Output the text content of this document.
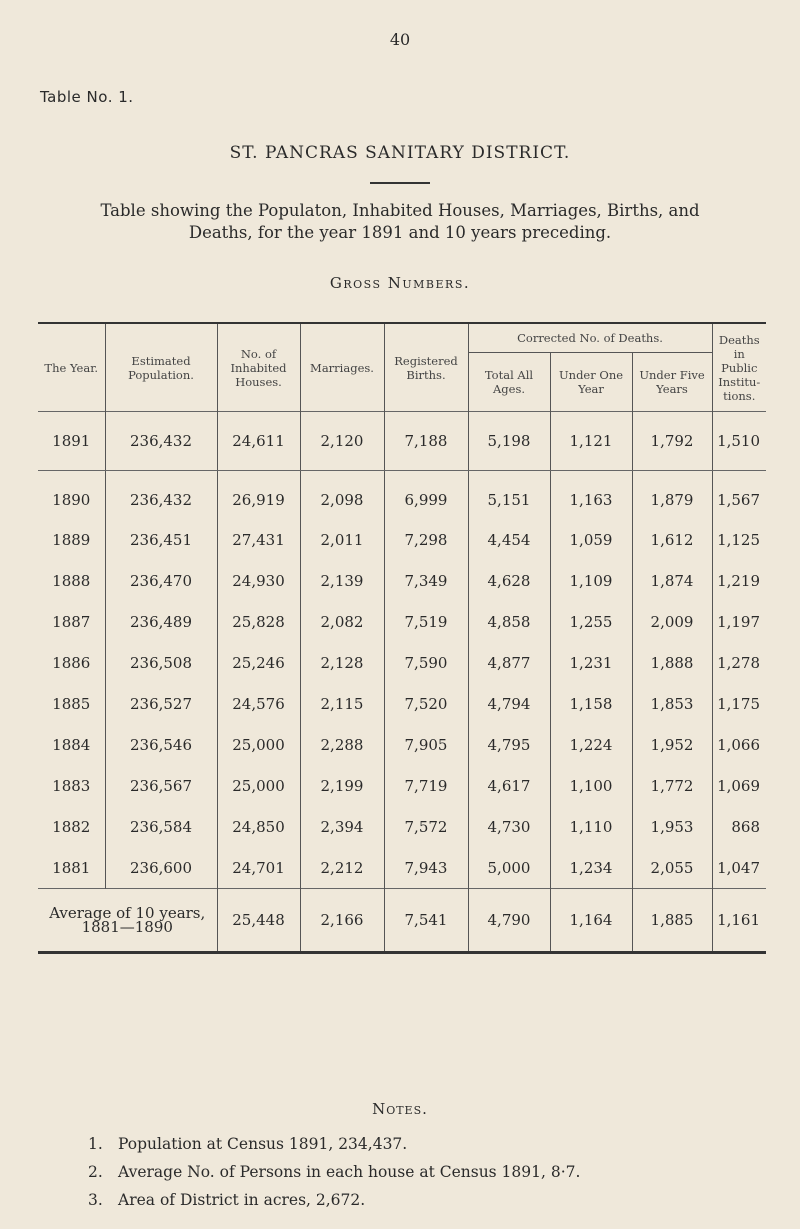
40
Table No. 1.
ST. PANCRAS SANITARY DISTRICT.
Table showing the Populaton, Inhabited Houses, Marriages, Births, and Deaths, for the year 1891 and 10 years preceding.
Gross Numbers.
The Year.	Estimated Population.	No. of Inhabited Houses.	Marriages.	Registered Births.	Corrected No. of Deaths.			Deaths in Public Institu- tions.
					Total All Ages.	Under One Year	Under Five Years	
1891	236,432	24,611	2,120	7,188	5,198	1,121	1,792	1,510
1890	236,432	26,919	2,098	6,999	5,151	1,163	1,879	1,567
1889	236,451	27,431	2,011	7,298	4,454	1,059	1,612	1,125
1888	236,470	24,930	2,139	7,349	4,628	1,109	1,874	1,219
1887	236,489	25,828	2,082	7,519	4,858	1,255	2,009	1,197
1886	236,508	25,246	2,128	7,590	4,877	1,231	1,888	1,278
1885	236,527	24,576	2,115	7,520	4,794	1,158	1,853	1,175
1884	236,546	25,000	2,288	7,905	4,795	1,224	1,952	1,066
1883	236,567	25,000	2,199	7,719	4,617	1,100	1,772	1,069
1882	236,584	24,850	2,394	7,572	4,730	1,110	1,953	868
1881	236,600	24,701	2,212	7,943	5,000	1,234	2,055	1,047
Average of 10 years, 1881—1890		25,448	2,166	7,541	4,790	1,164	1,885	1,161
Notes.
1. Population at Census 1891, 234,437.
2. Average No. of Persons in each house at Census 1891, 8·7.
3. Area of District in acres, 2,672.
